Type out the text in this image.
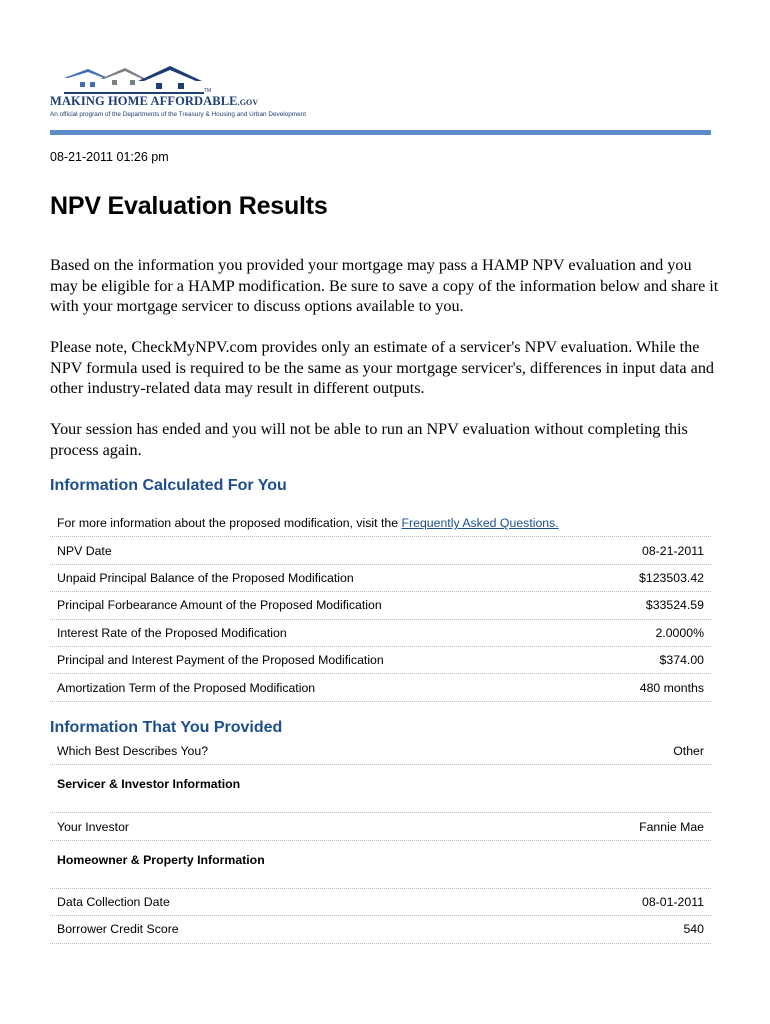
TM
MAKING HOME AFFORDABLE.GOV
An official program of the Departments of the Treasury & Housing and Urban Development
08-21-2011 01:26 pm
NPV Evaluation Results

Based on the information you provided your mortgage may pass a HAMP NPV evaluation and you may be eligible for a HAMP modification. Be sure to save a copy of the information below and share it with your mortgage servicer to discuss options available to you.

Please note, CheckMyNPV.com provides only an estimate of a servicer's NPV evaluation. While the NPV formula used is required to be the same as your mortgage servicer's, differences in input data and other industry-related data may result in different outputs.

Your session has ended and you will not be able to run an NPV evaluation without completing this process again.

Information Calculated For You
For more information about the proposed modification, visit the Frequently Asked Questions.
NPV Date	08-21-2011
Unpaid Principal Balance of the Proposed Modification	$123503.42
Principal Forbearance Amount of the Proposed Modification	$33524.59
Interest Rate of the Proposed Modification	2.0000%
Principal and Interest Payment of the Proposed Modification	$374.00
Amortization Term of the Proposed Modification	480 months
Information That You Provided
Which Best Describes You?	Other
Servicer & Investor Information
Your Investor	Fannie Mae
Homeowner & Property Information
Data Collection Date	08-01-2011
Borrower Credit Score	540
